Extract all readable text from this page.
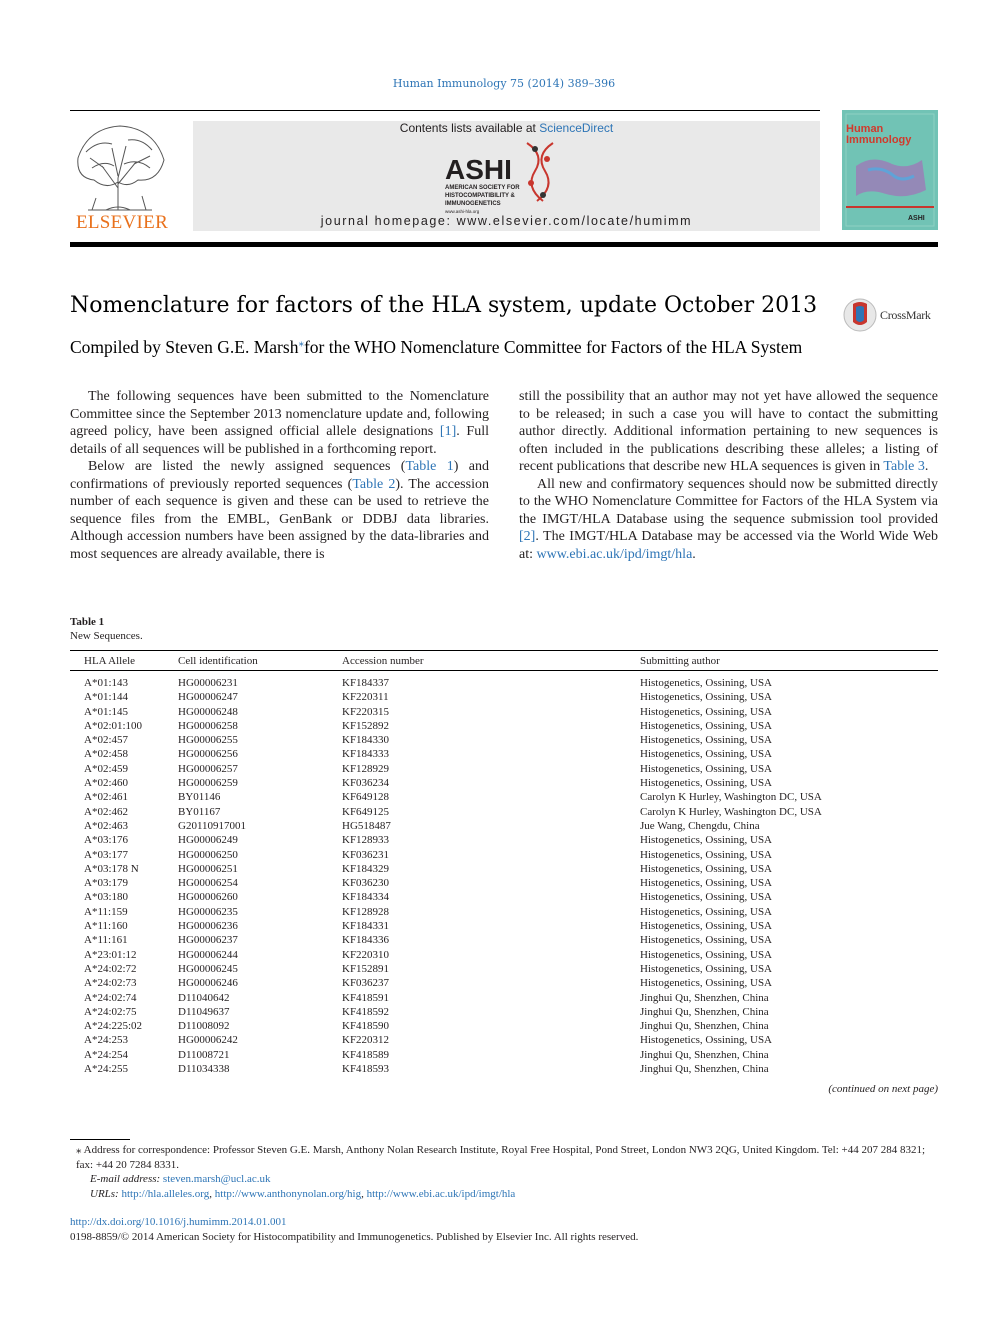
Human Immunology 75 (2014) 389–396
ELSEVIER
Contents lists available at ScienceDirect
ASHI
AMERICAN SOCIETY FOR
HISTOCOMPATIBILITY &
IMMUNOGENETICS
www.ashi-hla.org
journal homepage: www.elsevier.com/locate/humimm	ASHI
Human
Immunology
Nomenclature for factors of the HLA system, update October 2013	CrossMark
Compiled by Steven G.E. Marsh⁎for the WHO Nomenclature Committee for Factors of the HLA System

The following sequences have been submitted to the Nomenclature Committee since the September 2013 nomenclature update and, following agreed policy, have been assigned official allele designations [1]. Full details of all sequences will be published in a forthcoming report.

Below are listed the newly assigned sequences (Table 1) and confirmations of previously reported sequences (Table 2). The accession number of each sequence is given and these can be used to retrieve the sequence files from the EMBL, GenBank or DDBJ data libraries. Although accession numbers have been assigned by the data-libraries and most sequences are already available, there is

still the possibility that an author may not yet have allowed the sequence to be released; in such a case you will have to contact the submitting author directly. Additional information pertaining to new sequences is often included in the publications describing these alleles; a listing of recent publications that describe new HLA sequences is given in Table 3.

All new and confirmatory sequences should now be submitted directly to the WHO Nomenclature Committee for Factors of the HLA System via the IMGT/HLA Database using the sequence submission tool provided [2]. The IMGT/HLA Database may be accessed via the World Wide Web at: www.ebi.ac.uk/ipd/imgt/hla.

Table 1
New Sequences.
HLA Allele	Cell identification	Accession number	Submitting author
A*01:143	HG00006231	KF184337	Histogenetics, Ossining, USA
A*01:144	HG00006247	KF220311	Histogenetics, Ossining, USA
A*01:145	HG00006248	KF220315	Histogenetics, Ossining, USA
A*02:01:100	HG00006258	KF152892	Histogenetics, Ossining, USA
A*02:457	HG00006255	KF184330	Histogenetics, Ossining, USA
A*02:458	HG00006256	KF184333	Histogenetics, Ossining, USA
A*02:459	HG00006257	KF128929	Histogenetics, Ossining, USA
A*02:460	HG00006259	KF036234	Histogenetics, Ossining, USA
A*02:461	BY01146	KF649128	Carolyn K Hurley, Washington DC, USA
A*02:462	BY01167	KF649125	Carolyn K Hurley, Washington DC, USA
A*02:463	G20110917001	HG518487	Jue Wang, Chengdu, China
A*03:176	HG00006249	KF128933	Histogenetics, Ossining, USA
A*03:177	HG00006250	KF036231	Histogenetics, Ossining, USA
A*03:178 N	HG00006251	KF184329	Histogenetics, Ossining, USA
A*03:179	HG00006254	KF036230	Histogenetics, Ossining, USA
A*03:180	HG00006260	KF184334	Histogenetics, Ossining, USA
A*11:159	HG00006235	KF128928	Histogenetics, Ossining, USA
A*11:160	HG00006236	KF184331	Histogenetics, Ossining, USA
A*11:161	HG00006237	KF184336	Histogenetics, Ossining, USA
A*23:01:12	HG00006244	KF220310	Histogenetics, Ossining, USA
A*24:02:72	HG00006245	KF152891	Histogenetics, Ossining, USA
A*24:02:73	HG00006246	KF036237	Histogenetics, Ossining, USA
A*24:02:74	D11040642	KF418591	Jinghui Qu, Shenzhen, China
A*24:02:75	D11049637	KF418592	Jinghui Qu, Shenzhen, China
A*24:225:02	D11008092	KF418590	Jinghui Qu, Shenzhen, China
A*24:253	HG00006242	KF220312	Histogenetics, Ossining, USA
A*24:254	D11008721	KF418589	Jinghui Qu, Shenzhen, China
A*24:255	D11034338	KF418593	Jinghui Qu, Shenzhen, China
(continued on next page)
⁎ Address for correspondence: Professor Steven G.E. Marsh, Anthony Nolan Research Institute, Royal Free Hospital, Pond Street, London NW3 2QG, United Kingdom. Tel: +44 207 284 8321; fax: +44 20 7284 8331.
E-mail address: steven.marsh@ucl.ac.uk
URLs: http://hla.alleles.org, http://www.anthonynolan.org/hig, http://www.ebi.ac.uk/ipd/imgt/hla
http://dx.doi.org/10.1016/j.humimm.2014.01.001
0198-8859/© 2014 American Society for Histocompatibility and Immunogenetics. Published by Elsevier Inc. All rights reserved.
